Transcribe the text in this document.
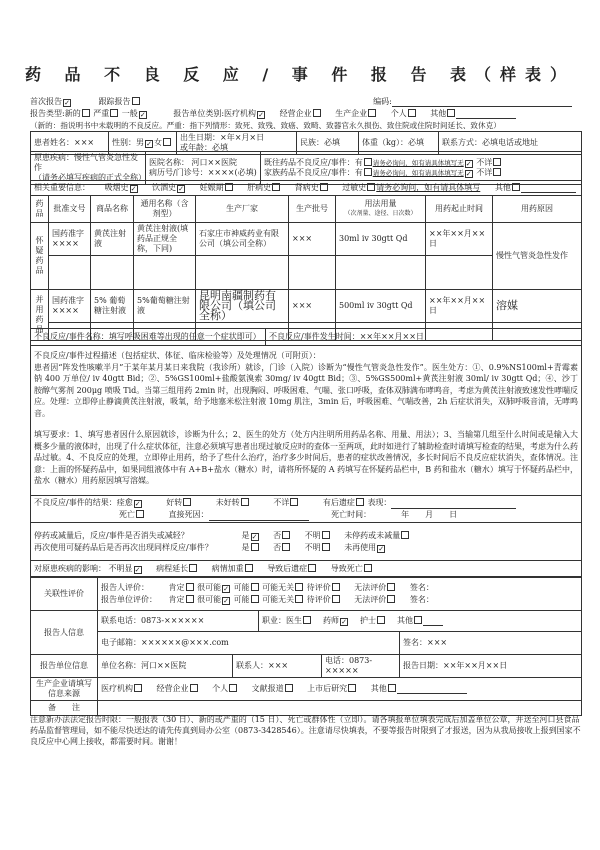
药 品 不 良 反 应 / 事 件 报 告 表（样表）
首次报告 ✓	跟踪报告	编码:
报告类型:新的 严重 一般 ✓	报告单位类别:医疗机构 ✓	经营企业	生产企业	个人	其他
（新的：指说明书中未载明的不良反应。严重：指下列情形：致死、致残、致癌、致畸、致器官永久损伤、致住院或住院时间延长、致休克）
患者姓名：×××	性别：男 ✓ 女	
出生日期：×年×月×日
或年龄：必填
	民族：必填	体重（kg）：必填	联系方式：必填电话或地址
原患疾病：慢性气管炎急性发作
（请务必填写疾病的正式全称）

医院名称： 河口××医院
病历号/门诊号：××××(必填)

既往药品不良反应/事件：有 请务必询问，如有请具体填写无 ✓ 不详
家族药品不良反应/事件：有 请务必询问，如有请具体填写无 ✓ 不详
相关重要信息： 吸烟史 ✓	饮酒史 ✓	妊娠期	肝病史	肾病史	过敏史 请务必询问，如有请具体填写 其他
药品	批准文号	商品名称	通用名称（含剂型）	生产厂家	生产批号	用法用量
（次剂量、途径、日次数）	用药起止时间	用药原因
怀疑药品	国药准字××××	黄芪注射液	黄芪注射液(填药品正规全称，下同)	石家庄市神威药业有限公司（填公司全称）	×××	30ml iv 30gtt Qd	××年××月××日	慢性气管炎急性发作

并用药品	国药准字××××	5% 葡萄糖注射液	5%葡萄糖注射液	昆明南疆制药有限公司（填公司全称）	×××	500ml iv 30gtt Qd	××年××月××日	溶媒

不良反应/事件名称：填写呼吸困难等出现的任意一个症状即可）	不良反应/事件发生时间：××年××月××日

不良反应/事件过程描述（包括症状、体征、临床检验等）及处理情况（可附页）：
患者因“阵发性咳嗽半月”于某年某月某日来我院（我诊所）就诊，门诊（入院）诊断为“慢性气管炎急性发作”。医生处方：①、0.9%NS100ml+青霉素钠 400 万单位/ iv 40gtt Bid；②、5%GS100ml+盐酸氨溴索 30mg/ iv 40gtt Bid；③、5%GS500ml+黄芪注射液 30ml/ iv 30gtt Qd；④、沙丁胺醇气雾剂 200μg 喷吸 Tid。当第三组用药 2min 时，出现胸闷、呼吸困难、气喘、张口呼吸，查体双肺满布哮鸣音，考虑为黄芪注射液致速发性哮喘反应。处理：立即停止静滴黄芪注射液，吸氧，给予地塞米松注射液 10mg 肌注，3min 后，呼吸困难、气喘改善，2h 后症状消失，双肺呼吸音清，无哮鸣音。
填写要求：1、填写患者因什么原因就诊，诊断为什么；2、医生的处方（处方内注明所用药品名称、用量、用法）；3、当输第几组至什么时间或是输入大概多少量的液体时，出现了什么症状体征，注意必须填写患者出现过敏反应时的查体一至两项，此时如进行了辅助检查时请填写检查的结果，考虑为什么药品过敏。4、不良反应的处理，立即停止用药，给予了些什么治疗，治疗多少时间后，患者的症状改善情况，多长时间后不良反应症状消失，查体情况。注意：上面的怀疑药品中，如果同组液体中有 A+B+盐水（糖水）时，请将所怀疑的 A 药填写在怀疑药品栏中，B 药和盐水（糖水）填写于怀疑药品栏中，盐水（糖水）用药原因填写溶媒。

不良反应/事件的结果：痊愈 ✓	好转	未好转	不详	有后遗症 表现：
死亡	直接死因：	死亡时间：	年　　月　　日

停药或减量后，反应/事件是否消失或减轻？	是 ✓	否	不明	未停药或未减量
再次使用可疑药品后是否再次出现同样反应/事件？	是	否	不明	未再使用✓

对原患疾病的影响： 不明显 ✓	病程延长	病情加重	导致后遗症	导致死亡
关联性评价	报告人评价： 肯定 很可能 ✓ 可能 可能无关 待评价 无法评价 签名：
报告单位评价： 肯定 很可能 ✓ 可能 可能无关 待评价 无法评价 签名：

报告人信息	联系电话：0873-××××××		职业：医生 药师 ✓ 护士 其他
	电子邮箱：××××××@×××.com				签名：×××
报告单位信息	单位名称：河口××医院	联系人：×××		电话：0873-×××××	报告日期：××年××月××日
生产企业请填写信息来源	医疗机构 经营企业 个人 文献报道 上市后研究 其他				
备　　注					
注意新办法法定报告时限：一般报表（30 日）、新的或严重的（15 日）、死亡或群体性（立即）。请各填报单位填表完成后加盖单位公章，并送至河口县食品药品监督管理局，如不能尽快送达的请先传真到局办公室（0873-3428546）。注意请尽快填表，不要等报告时限到了才报送，因为从我局接收上报到国家不良反应中心网上接收，都需要时间。谢谢！
